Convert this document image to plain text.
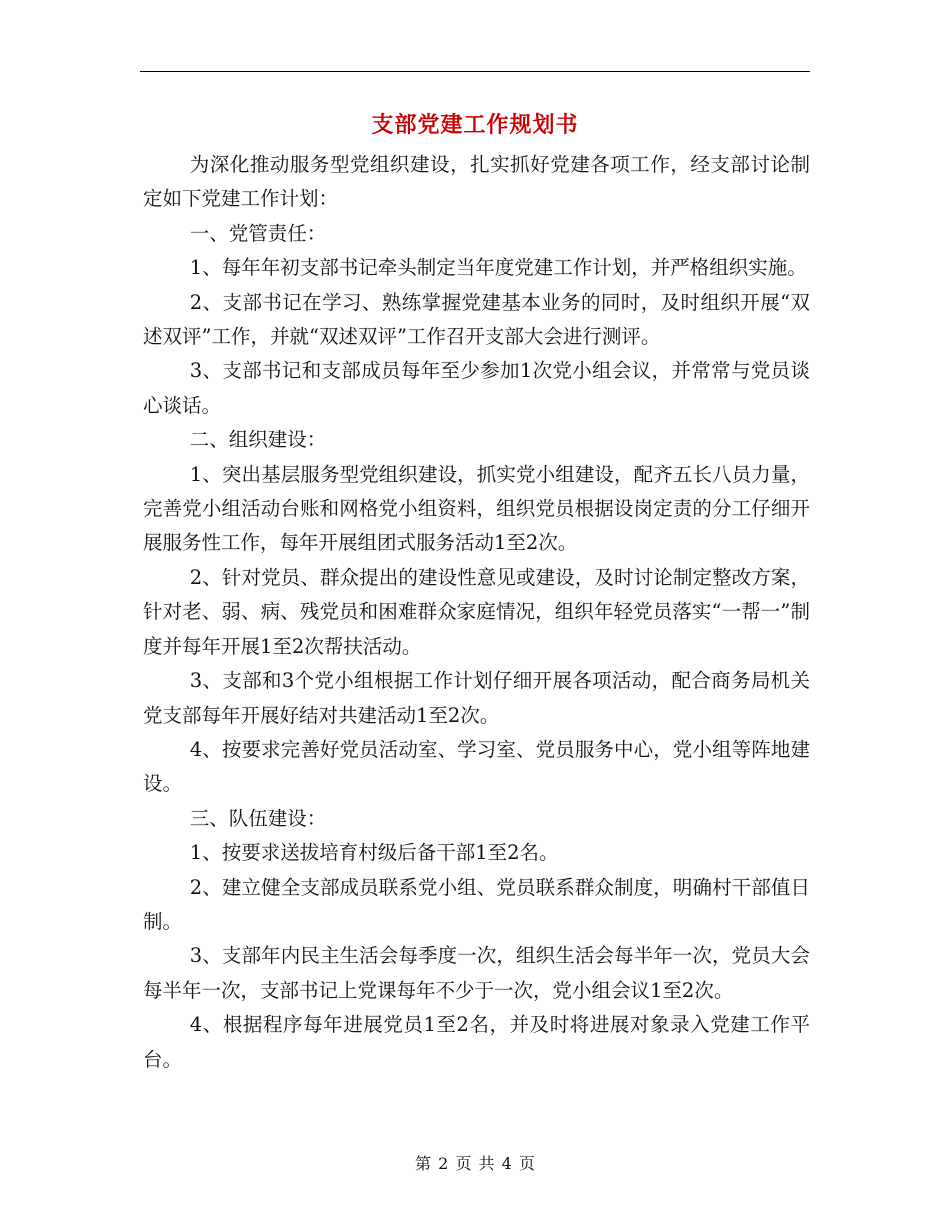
支部党建工作规划书

为深化推动服务型党组织建设，扎实抓好党建各项工作，经支部讨论制定如下党建工作计划：

一、党管责任：

1、每年年初支部书记牵头制定当年度党建工作计划，并严格组织实施。

2、支部书记在学习、熟练掌握党建基本业务的同时，及时组织开展“双述双评”工作，并就“双述双评”工作召开支部大会进行测评。

3、支部书记和支部成员每年至少参加1次党小组会议，并常常与党员谈心谈话。

二、组织建设：

1、突出基层服务型党组织建设，抓实党小组建设，配齐五长八员力量，完善党小组活动台账和网格党小组资料，组织党员根据设岗定责的分工仔细开展服务性工作，每年开展组团式服务活动1至2次。

2、针对党员、群众提出的建设性意见或建设，及时讨论制定整改方案，针对老、弱、病、残党员和困难群众家庭情况，组织年轻党员落实“一帮一”制度并每年开展1至2次帮扶活动。

3、支部和3个党小组根据工作计划仔细开展各项活动，配合商务局机关党支部每年开展好结对共建活动1至2次。

4、按要求完善好党员活动室、学习室、党员服务中心，党小组等阵地建设。

三、队伍建设：

1、按要求送拔培育村级后备干部1至2名。

2、建立健全支部成员联系党小组、党员联系群众制度，明确村干部值日制。

3、支部年内民主生活会每季度一次，组织生活会每半年一次，党员大会每半年一次，支部书记上党课每年不少于一次，党小组会议1至2次。

4、根据程序每年进展党员1至2名，并及时将进展对象录入党建工作平台。

第 2 页 共 4 页
